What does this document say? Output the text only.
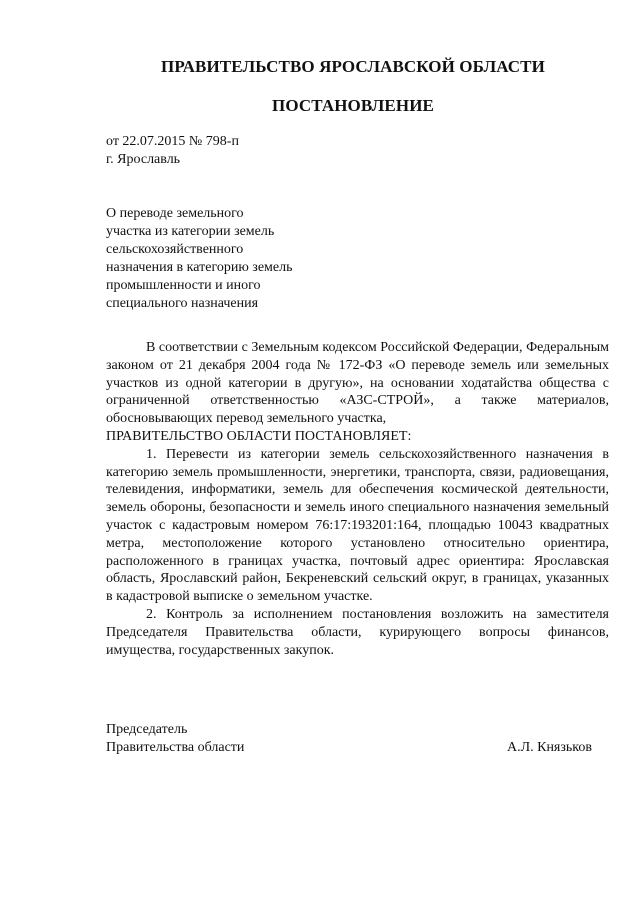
ПРАВИТЕЛЬСТВО ЯРОСЛАВСКОЙ ОБЛАСТИ
ПОСТАНОВЛЕНИЕ
от 22.07.2015 № 798-п
г. Ярославль
О переводе земельного
участка из категории земель
сельскохозяйственного
назначения в категорию земель
промышленности и иного
специального назначения

В соответствии с Земельным кодексом Российской Федерации, Федеральным законом от 21 декабря 2004 года № 172-ФЗ «О переводе земель или земельных участков из одной категории в другую», на основании ходатайства общества с ограниченной ответственностью «АЗС-СТРОЙ», а также материалов, обосновывающих перевод земельного участка,

ПРАВИТЕЛЬСТВО ОБЛАСТИ ПОСТАНОВЛЯЕТ:

1. Перевести из категории земель сельскохозяйственного назначения в категорию земель промышленности, энергетики, транспорта, связи, радиовещания, телевидения, информатики, земель для обеспечения космической деятельности, земель обороны, безопасности и земель иного специального назначения земельный участок с кадастровым номером 76:17:193201:164, площадью 10043 квадратных метра, местоположение которого установлено относительно ориентира, расположенного в границах участка, почтовый адрес ориентира: Ярославская область, Ярославский район, Бекреневский сельский округ, в границах, указанных в кадастровой выписке о земельном участке.

2. Контроль за исполнением постановления возложить на заместителя Председателя Правительства области, курирующего вопросы финансов, имущества, государственных закупок.

Председатель
Правительства области	А.Л. Князьков
